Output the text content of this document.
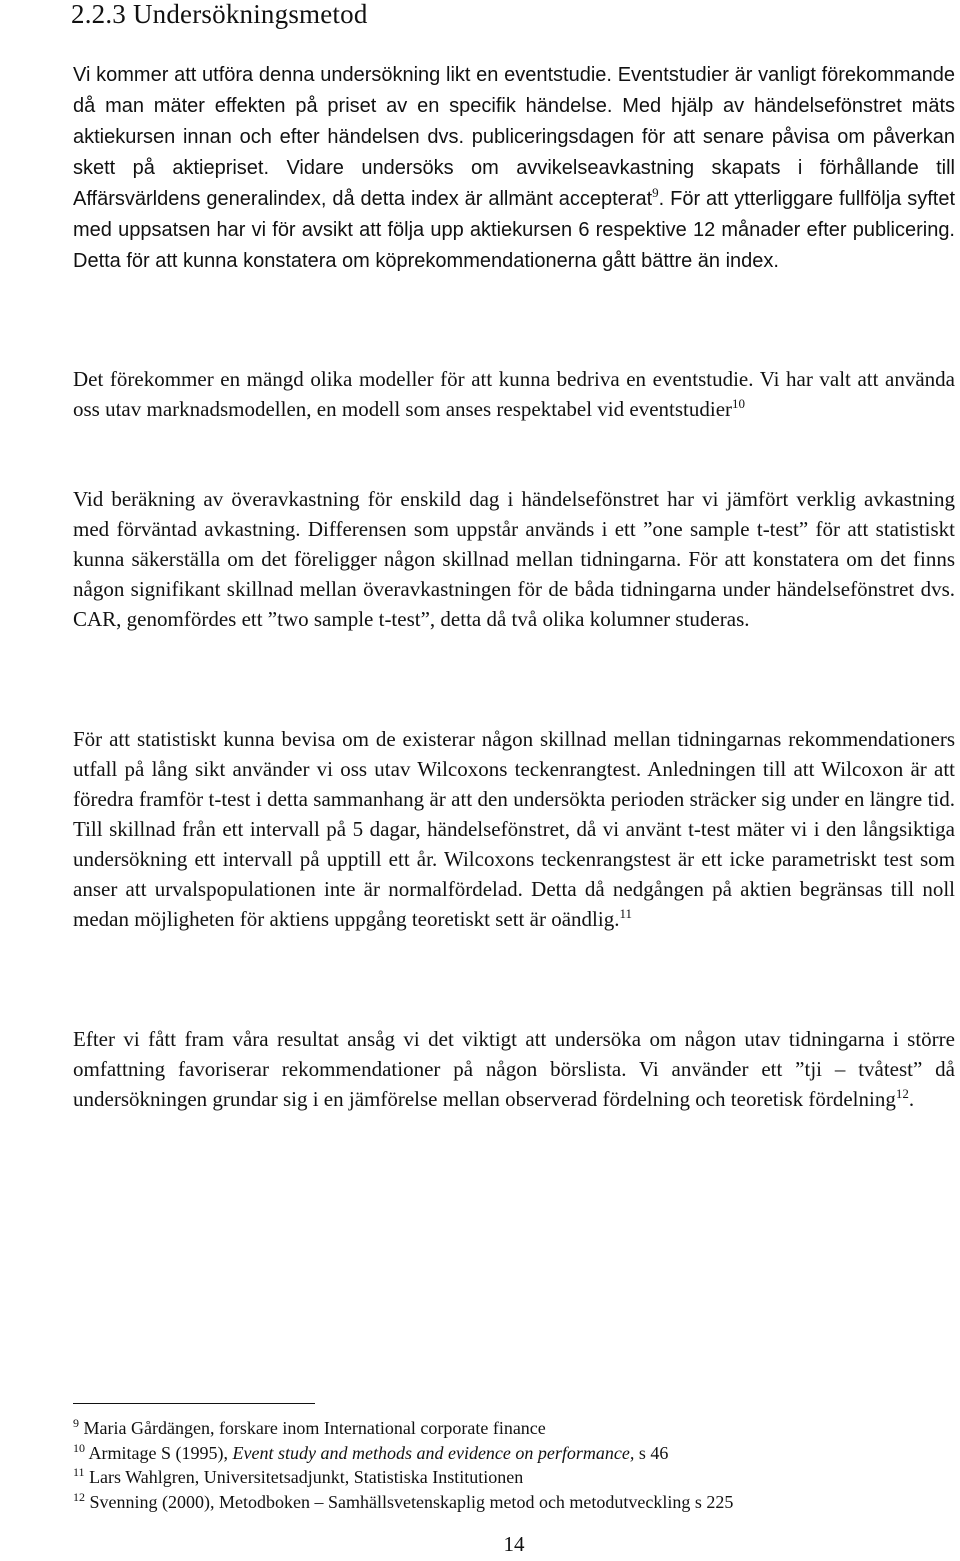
2.2.3 Undersökningsmetod

Vi kommer att utföra denna undersökning likt en eventstudie. Eventstudier är vanligt förekommande då man mäter effekten på priset av en specifik händelse. Med hjälp av händelsefönstret mäts aktiekursen innan och efter händelsen dvs. publiceringsdagen för att senare påvisa om påverkan skett på aktiepriset. Vidare undersöks om avvikelseavkastning skapats i förhållande till Affärsvärldens generalindex, då detta index är allmänt accepterat$^9$. För att ytterliggare fullfölja syftet med uppsatsen har vi för avsikt att följa upp aktiekursen 6 respektive 12 månader efter publicering. Detta för att kunna konstatera om köprekommendationerna gått bättre än index.

Det förekommer en mängd olika modeller för att kunna bedriva en eventstudie. Vi har valt att använda oss utav marknadsmodellen, en modell som anses respektabel vid eventstudier$^{10}$

Vid beräkning av överavkastning för enskild dag i händelsefönstret har vi jämfört verklig avkastning med förväntad avkastning. Differensen som uppstår används i ett ”one sample t-test” för att statistiskt kunna säkerställa om det föreligger någon skillnad mellan tidningarna. För att konstatera om det finns någon signifikant skillnad mellan överavkastningen för de båda tidningarna under händelsefönstret dvs. CAR, genomfördes ett ”two sample t-test”, detta då två olika kolumner studeras.

För att statistiskt kunna bevisa om de existerar någon skillnad mellan tidningarnas rekommendationers utfall på lång sikt använder vi oss utav Wilcoxons teckenrangtest. Anledningen till att Wilcoxon är att föredra framför t-test i detta sammanhang är att den undersökta perioden sträcker sig under en längre tid. Till skillnad från ett intervall på 5 dagar, händelsefönstret, då vi använt t-test mäter vi i den långsiktiga undersökning ett intervall på upptill ett år. Wilcoxons teckenrangstest är ett icke parametriskt test som anser att urvalspopulationen inte är normalfördelad. Detta då nedgången på aktien begränsas till noll medan möjligheten för aktiens uppgång teoretiskt sett är oändlig.$^{11}$

Efter vi fått fram våra resultat ansåg vi det viktigt att undersöka om någon utav tidningarna i större omfattning favoriserar rekommendationer på någon börslista. Vi använder ett ”tji – tvåtest” då undersökningen grundar sig i en jämförelse mellan observerad fördelning och teoretisk fördelning$^{12}$.

$^9$ Maria Gårdängen, forskare inom International corporate finance
$^{10}$ Armitage S (1995), Event study and methods and evidence on performance, s 46
$^{11}$ Lars Wahlgren, Universitetsadjunkt, Statistiska Institutionen
$^{12}$ Svenning (2000), Metodboken – Samhällsvetenskaplig metod och metodutveckling s 225
14
